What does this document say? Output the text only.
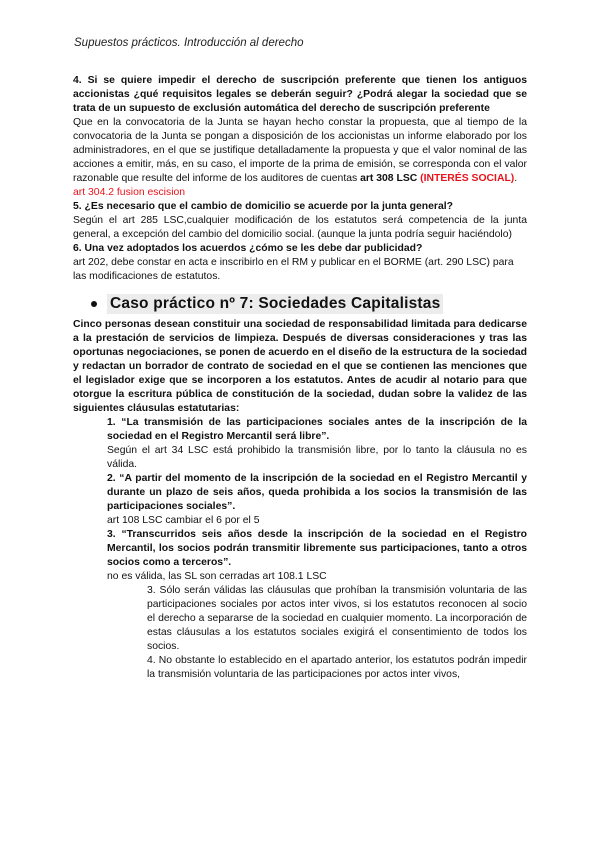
Supuestos prácticos. Introducción al derecho

4. Si se quiere impedir el derecho de suscripción preferente que tienen los antiguos accionistas ¿qué requisitos legales se deberán seguir? ¿Podrá alegar la sociedad que se trata de un supuesto de exclusión automática del derecho de suscripción preferente

Que en la convocatoria de la Junta se hayan hecho constar la propuesta, que al tiempo de la convocatoria de la Junta se pongan a disposición de los accionistas un informe elaborado por los administradores, en el que se justifique detalladamente la propuesta y que el valor nominal de las acciones a emitir, más, en su caso, el importe de la prima de emisión, se corresponda con el valor razonable que resulte del informe de los auditores de cuentas art 308 LSC (INTERÉS SOCIAL).

art 304.2 fusion escision

5. ¿Es necesario que el cambio de domicilio se acuerde por la junta general?

Según el art 285 LSC,cualquier modificación de los estatutos será competencia de la junta general, a excepción del cambio del domicilio social. (aunque la junta podría seguir haciéndolo)

6. Una vez adoptados los acuerdos ¿cómo se les debe dar publicidad?

art 202, debe constar en acta e inscribirlo en el RM y publicar en el BORME (art. 290 LSC) para las modificaciones de estatutos.

Caso práctico nº 7: Sociedades Capitalistas

Cinco personas desean constituir una sociedad de responsabilidad limitada para dedicarse a la prestación de servicios de limpieza. Después de diversas consideraciones y tras las oportunas negociaciones, se ponen de acuerdo en el diseño de la estructura de la sociedad y redactan un borrador de contrato de sociedad en el que se contienen las menciones que el legislador exige que se incorporen a los estatutos. Antes de acudir al notario para que otorgue la escritura pública de constitución de la sociedad, dudan sobre la validez de las siguientes cláusulas estatutarias:

1. “La transmisión de las participaciones sociales antes de la inscripción de la sociedad en el Registro Mercantil será libre”.

Según el art 34 LSC está prohibido la transmisión libre, por lo tanto la cláusula no es válida.

2. “A partir del momento de la inscripción de la sociedad en el Registro Mercantil y durante un plazo de seis años, queda prohibida a los socios la transmisión de las participaciones sociales”.

art 108 LSC cambiar el 6 por el 5

3. “Transcurridos seis años desde la inscripción de la sociedad en el Registro Mercantil, los socios podrán transmitir libremente sus participaciones, tanto a otros socios como a terceros”.

no es válida, las SL son cerradas art 108.1 LSC

3. Sólo serán válidas las cláusulas que prohíban la transmisión voluntaria de las participaciones sociales por actos inter vivos, si los estatutos reconocen al socio el derecho a separarse de la sociedad en cualquier momento. La incorporación de estas cláusulas a los estatutos sociales exigirá el consentimiento de todos los socios.

4. No obstante lo establecido en el apartado anterior, los estatutos podrán impedir la transmisión voluntaria de las participaciones por actos inter vivos,
